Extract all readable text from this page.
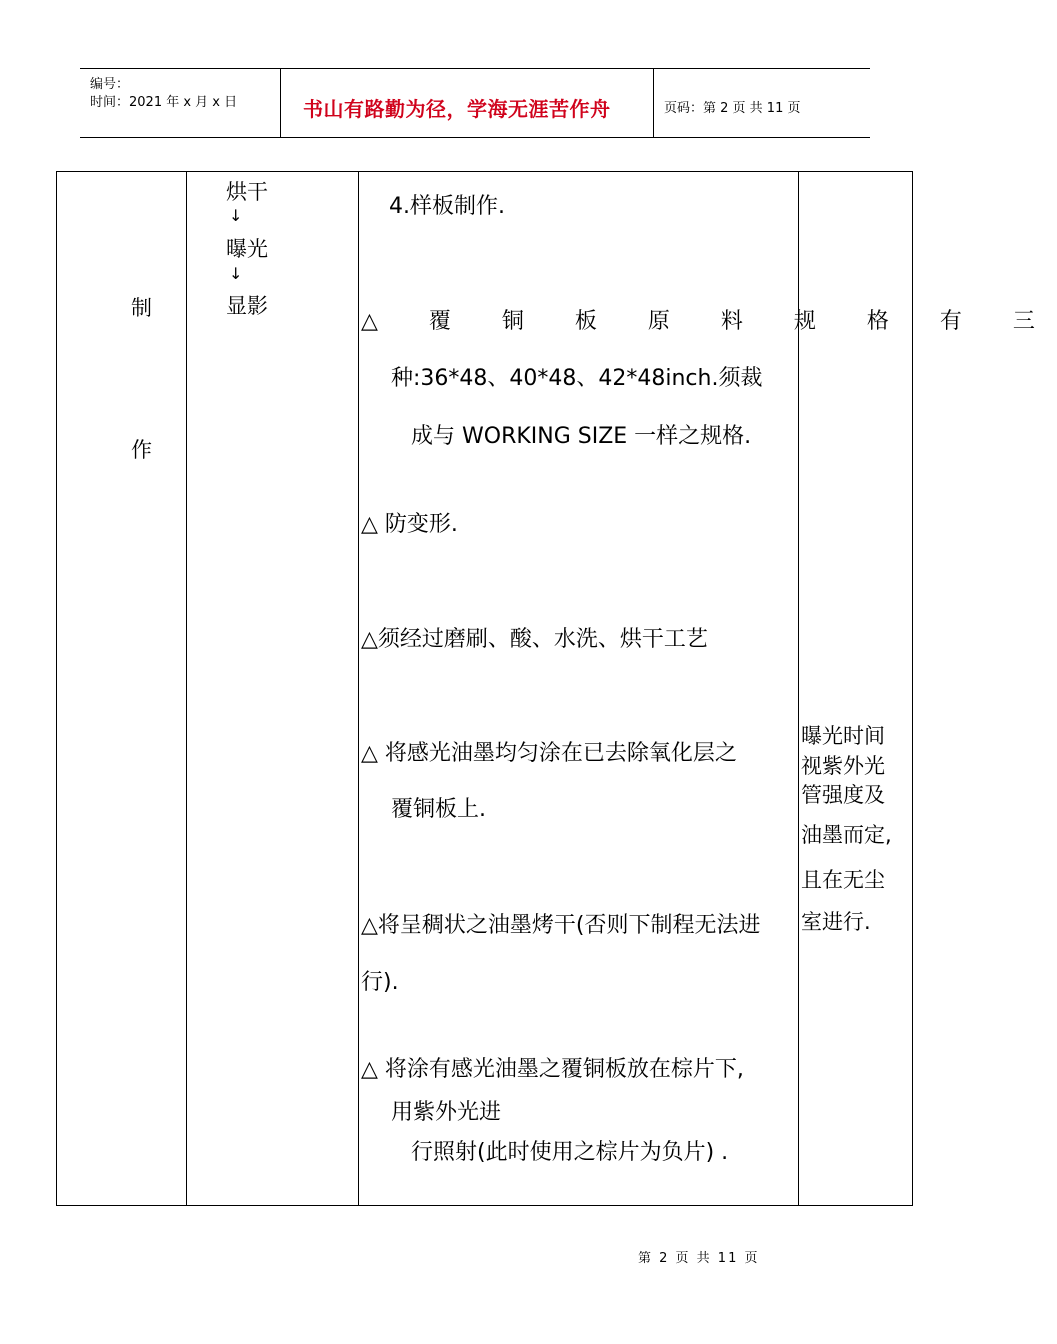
编号：
时间：2021 年 x 月 x 日	书山有路勤为径，学海无涯苦作舟	页码：第 2 页 共 11 页
制
作
烘干
↓
曝光
↓
显影
4.样板制作.
△ 覆 铜 板 原 料 规 格 有 三
种:36*48、40*48、42*48inch.须裁
成与 WORKING SIZE 一样之规格.
△ 防变形.
△须经过磨刷、酸、水洗、烘干工艺
△ 将感光油墨均匀涂在已去除氧化层之
覆铜板上.
△将呈稠状之油墨烤干(否则下制程无法进
行).
△ 将涂有感光油墨之覆铜板放在棕片下,
用紫外光进
行照射(此时使用之棕片为负片) .
曝光时间
视紫外光
管强度及
油墨而定,
且在无尘
室进行.
第 2 页 共 11 页
